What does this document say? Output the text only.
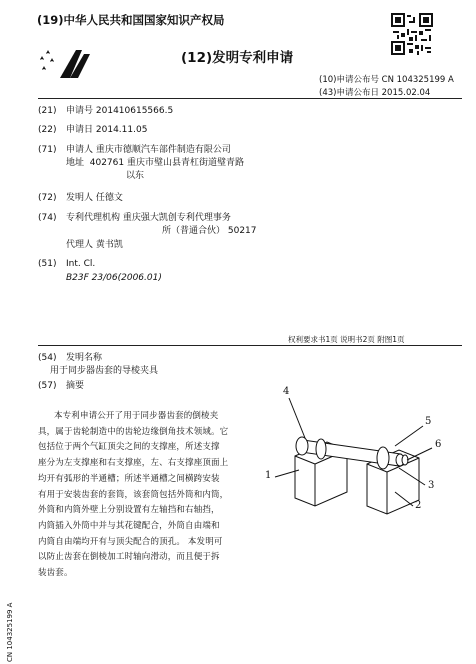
(19)中华人民共和国国家知识产权局
(12)发明专利申请
(10)申请公布号 CN 104325199 A
(43)申请公布日 2015.02.04
(21) 申请号 201410615566.5
(22) 申请日 2014.11.05
(71) 申请人 重庆市德顺汽车部件制造有限公司
地址 402761 重庆市璧山县青杠街道璧青路
以东
(72) 发明人 任德文
(74) 专利代理机构 重庆强大凯创专利代理事务
所（普通合伙） 50217
代理人 黄书凯
(51) Int. Cl.
B23F 23/06(2006.01)
权利要求书1页 说明书2页 附图1页
(54) 发明名称
用于同步器齿套的导棱夹具
(57) 摘要
本专利申请公开了用于同步器齿套的倒棱夹
具，属于齿轮制造中的齿轮边缘倒角技术领域。它
包括位于两个气缸顶尖之间的支撑座，所述支撑
座分为左支撑座和右支撑座，左、右支撑座顶面上
均开有弧形的半通槽；所述半通槽之间横跨安装
有用于安装齿套的套筒，该套筒包括外筒和内筒，
外筒和内筒外壁上分别设置有左轴挡和右轴挡，
内筒插入外筒中并与其花键配合，外筒自由端和
内筒自由端均开有与顶尖配合的顶孔。 本发明可
以防止齿套在倒棱加工时轴向滑动，而且便于拆
装齿套。
4
5
6
1
3
2
CN 104325199 A
